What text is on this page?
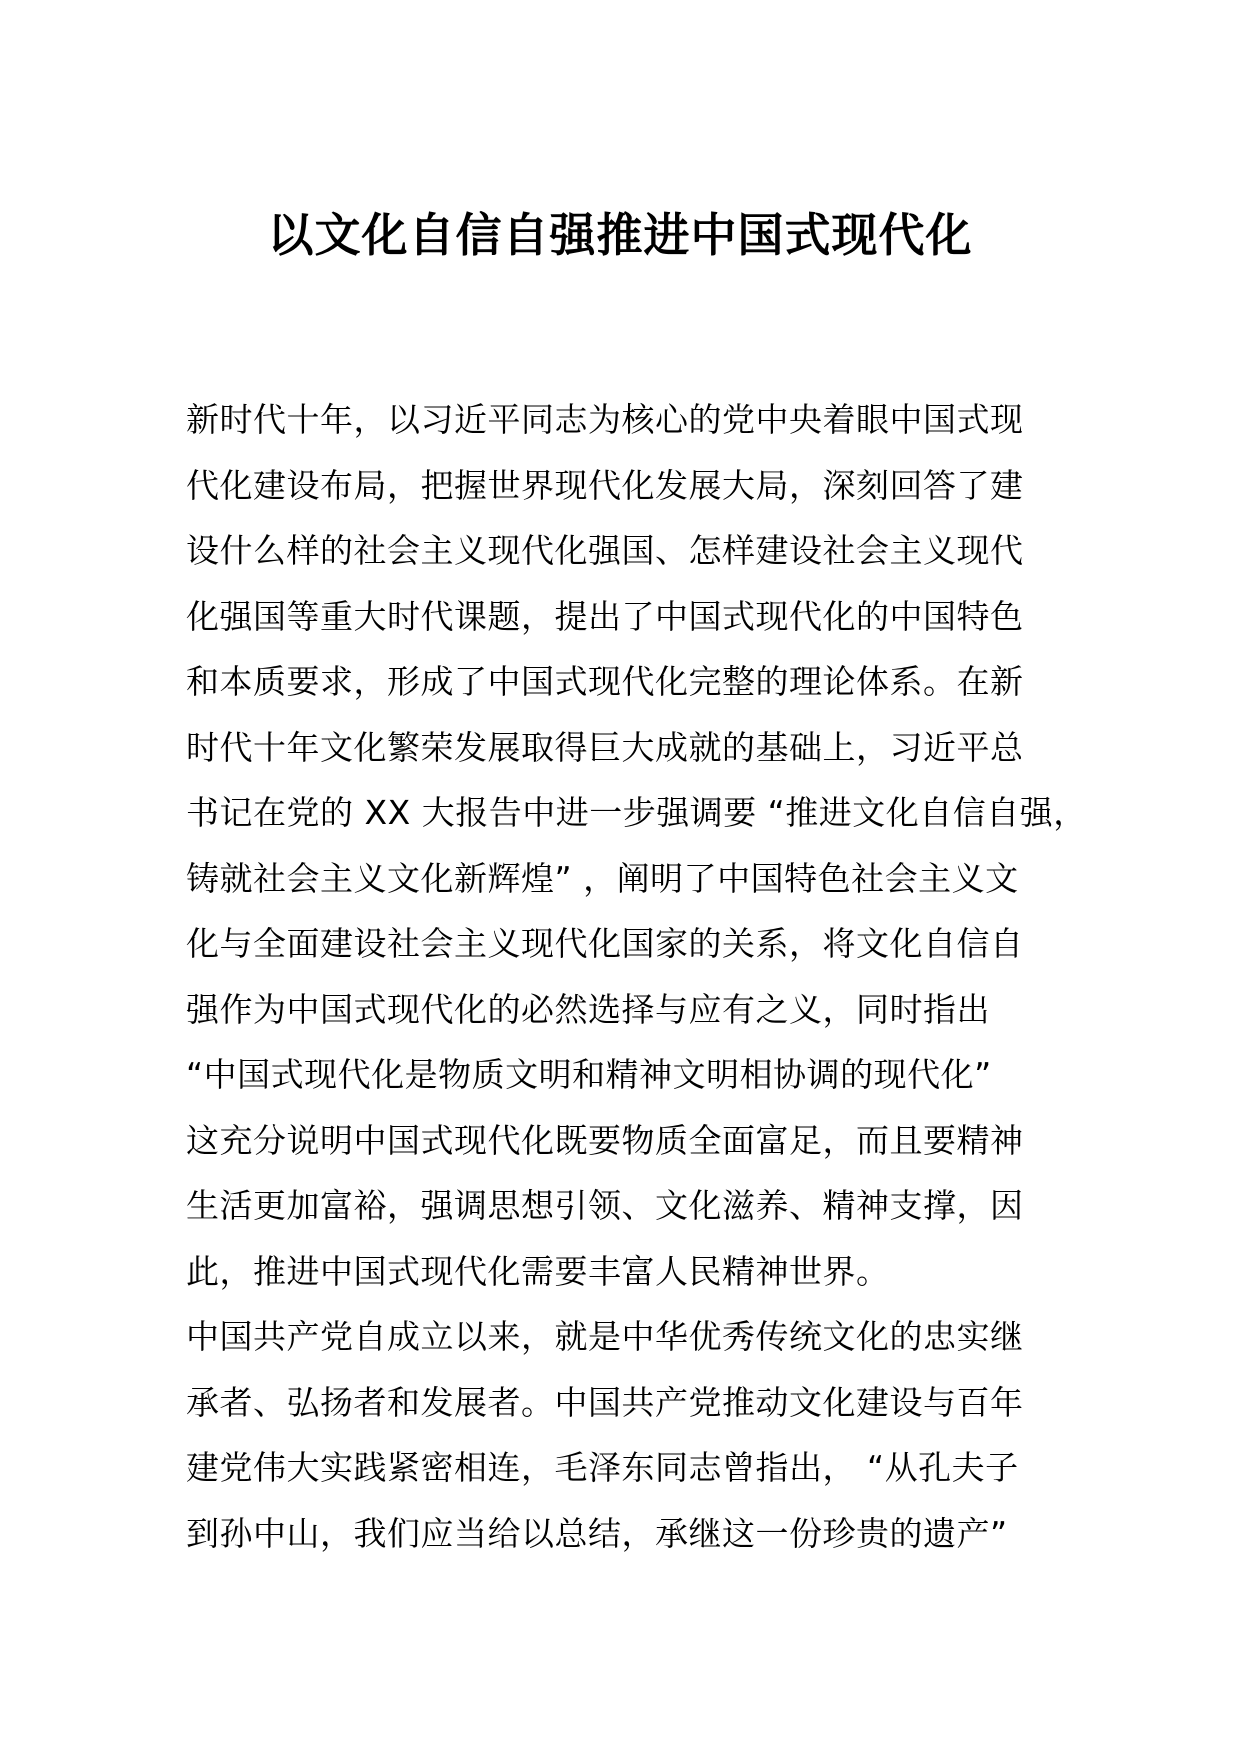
以文化自信自强推进中国式现代化
新时代十年，以习近平同志为核心的党中央着眼中国式现
代化建设布局，把握世界现代化发展大局，深刻回答了建
设什么样的社会主义现代化强国、怎样建设社会主义现代
化强国等重大时代课题，提出了中国式现代化的中国特色
和本质要求，形成了中国式现代化完整的理论体系。在新
时代十年文化繁荣发展取得巨大成就的基础上，习近平总
书记在党的 XX 大报告中进一步强调要 “推进文化自信自强，
铸就社会主义文化新辉煌” ，阐明了中国特色社会主义文
化与全面建设社会主义现代化国家的关系，将文化自信自
强作为中国式现代化的必然选择与应有之义，同时指出
“中国式现代化是物质文明和精神文明相协调的现代化”
这充分说明中国式现代化既要物质全面富足，而且要精神
生活更加富裕，强调思想引领、文化滋养、精神支撑，因
此，推进中国式现代化需要丰富人民精神世界。
中国共产党自成立以来，就是中华优秀传统文化的忠实继
承者、弘扬者和发展者。中国共产党推动文化建设与百年
建党伟大实践紧密相连，毛泽东同志曾指出， “从孔夫子
到孙中山，我们应当给以总结，承继这一份珍贵的遗产”
